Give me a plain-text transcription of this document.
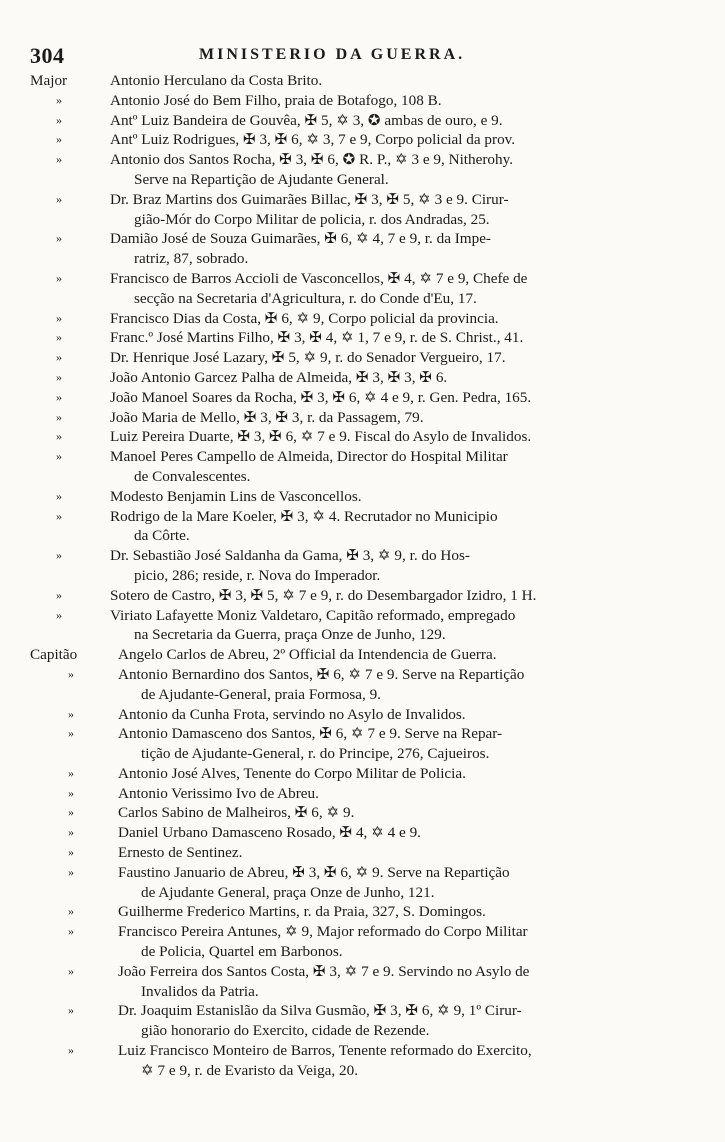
304	MINISTERIO DA GUERRA.
Major	Antonio Herculano da Costa Brito.
»	Antonio José do Bem Filho, praia de Botafogo, 108 B.
»	Antº Luiz Bandeira de Gouvêa, ✠ 5, ✡ 3, ✪ ambas de ouro, e 9.
»	Antº Luiz Rodrigues, ✠ 3, ✠ 6, ✡ 3, 7 e 9, Corpo policial da prov.
»	Antonio dos Santos Rocha, ✠ 3, ✠ 6, ✪ R. P., ✡ 3 e 9, Nitherohy.
Serve na Repartição de Ajudante General.
»	Dr. Braz Martins dos Guimarães Billac, ✠ 3, ✠ 5, ✡ 3 e 9. Cirur-
gião-Mór do Corpo Militar de policia, r. dos Andradas, 25.
»	Damião José de Souza Guimarães, ✠ 6, ✡ 4, 7 e 9, r. da Impe-
ratriz, 87, sobrado.
»	Francisco de Barros Accioli de Vasconcellos, ✠ 4, ✡ 7 e 9, Chefe de
secção na Secretaria d'Agricultura, r. do Conde d'Eu, 17.
»	Francisco Dias da Costa, ✠ 6, ✡ 9, Corpo policial da provincia.
»	Franc.º José Martins Filho, ✠ 3, ✠ 4, ✡ 1, 7 e 9, r. de S. Christ., 41.
»	Dr. Henrique José Lazary, ✠ 5, ✡ 9, r. do Senador Vergueiro, 17.
»	João Antonio Garcez Palha de Almeida, ✠ 3, ✠ 3, ✠ 6.
»	João Manoel Soares da Rocha, ✠ 3, ✠ 6, ✡ 4 e 9, r. Gen. Pedra, 165.
»	João Maria de Mello, ✠ 3, ✠ 3, r. da Passagem, 79.
»	Luiz Pereira Duarte, ✠ 3, ✠ 6, ✡ 7 e 9. Fiscal do Asylo de Invalidos.
»	Manoel Peres Campello de Almeida, Director do Hospital Militar
de Convalescentes.
»	Modesto Benjamin Lins de Vasconcellos.
»	Rodrigo de la Mare Koeler, ✠ 3, ✡ 4. Recrutador no Municipio
da Côrte.
»	Dr. Sebastião José Saldanha da Gama, ✠ 3, ✡ 9, r. do Hos-
picio, 286; reside, r. Nova do Imperador.
»	Sotero de Castro, ✠ 3, ✠ 5, ✡ 7 e 9, r. do Desembargador Izidro, 1 H.
»	Viriato Lafayette Moniz Valdetaro, Capitão reformado, empregado
na Secretaria da Guerra, praça Onze de Junho, 129.
Capitão	Angelo Carlos de Abreu, 2º Official da Intendencia de Guerra.
»	Antonio Bernardino dos Santos, ✠ 6, ✡ 7 e 9. Serve na Repartição
de Ajudante-General, praia Formosa, 9.
»	Antonio da Cunha Frota, servindo no Asylo de Invalidos.
»	Antonio Damasceno dos Santos, ✠ 6, ✡ 7 e 9. Serve na Repar-
tição de Ajudante-General, r. do Principe, 276, Cajueiros.
»	Antonio José Alves, Tenente do Corpo Militar de Policia.
»	Antonio Verissimo Ivo de Abreu.
»	Carlos Sabino de Malheiros, ✠ 6, ✡ 9.
»	Daniel Urbano Damasceno Rosado, ✠ 4, ✡ 4 e 9.
»	Ernesto de Sentinez.
»	Faustino Januario de Abreu, ✠ 3, ✠ 6, ✡ 9. Serve na Repartição
de Ajudante General, praça Onze de Junho, 121.
»	Guilherme Frederico Martins, r. da Praia, 327, S. Domingos.
»	Francisco Pereira Antunes, ✡ 9, Major reformado do Corpo Militar
de Policia, Quartel em Barbonos.
»	João Ferreira dos Santos Costa, ✠ 3, ✡ 7 e 9. Servindo no Asylo de
Invalidos da Patria.
»	Dr. Joaquim Estanislão da Silva Gusmão, ✠ 3, ✠ 6, ✡ 9, 1º Cirur-
gião honorario do Exercito, cidade de Rezende.
»	Luiz Francisco Monteiro de Barros, Tenente reformado do Exercito,
✡ 7 e 9, r. de Evaristo da Veiga, 20.
